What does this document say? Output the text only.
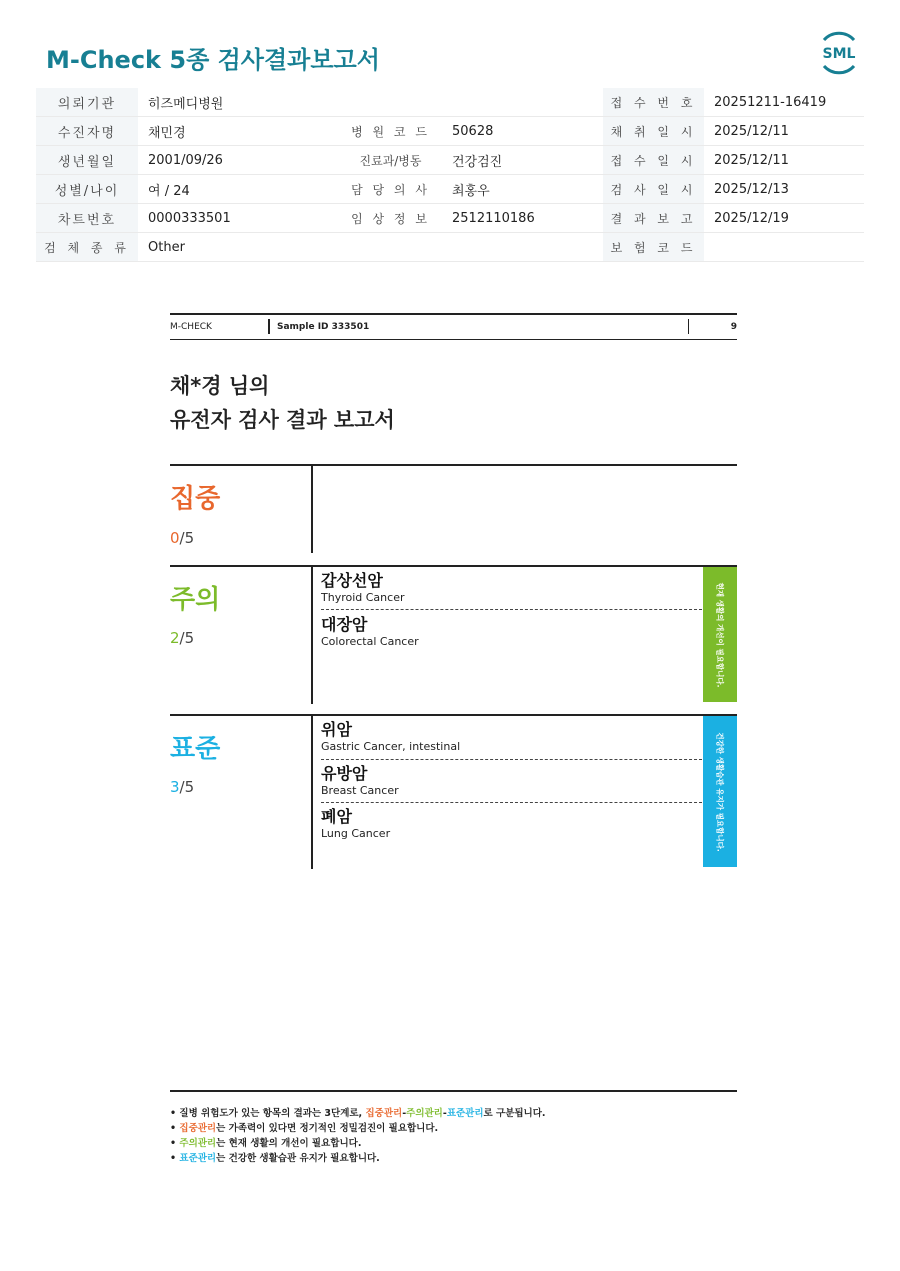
M-Check 5종 검사결과보고서	SML
의뢰기관	히즈메디병원			접 수 번 호	20251211-16419
수진자명	채민경	병 원 코 드	50628	채 취 일 시	2025/12/11
생년월일	2001/09/26	진료과/병동	건강검진	접 수 일 시	2025/12/11
성별/나이	여 / 24	담 당 의 사	최홍우	검 사 일 시	2025/12/13
차트번호	0000333501	임 상 정 보	2512110186	결 과 보 고	2025/12/19
검 체 종 류	Other			보 험 코 드	
M-CHECK	Sample ID 333501	9
채*경 님의
유전자 검사 결과 보고서
집중
0/5
주의
2/5
갑상선암
Thyroid Cancer
대장암
Colorectal Cancer	현재 생활의 개선이 필요합니다.
표준
3/5
위암
Gastric Cancer, intestinal
유방암
Breast Cancer
폐암
Lung Cancer	건강한 생활습관 유지가 필요합니다.
• 질병 위험도가 있는 항목의 결과는 3단계로, 집중관리-주의관리-표준관리로 구분됩니다.
• 집중관리는 가족력이 있다면 정기적인 정밀검진이 필요합니다.
• 주의관리는 현재 생활의 개선이 필요합니다.
• 표준관리는 건강한 생활습관 유지가 필요합니다.
